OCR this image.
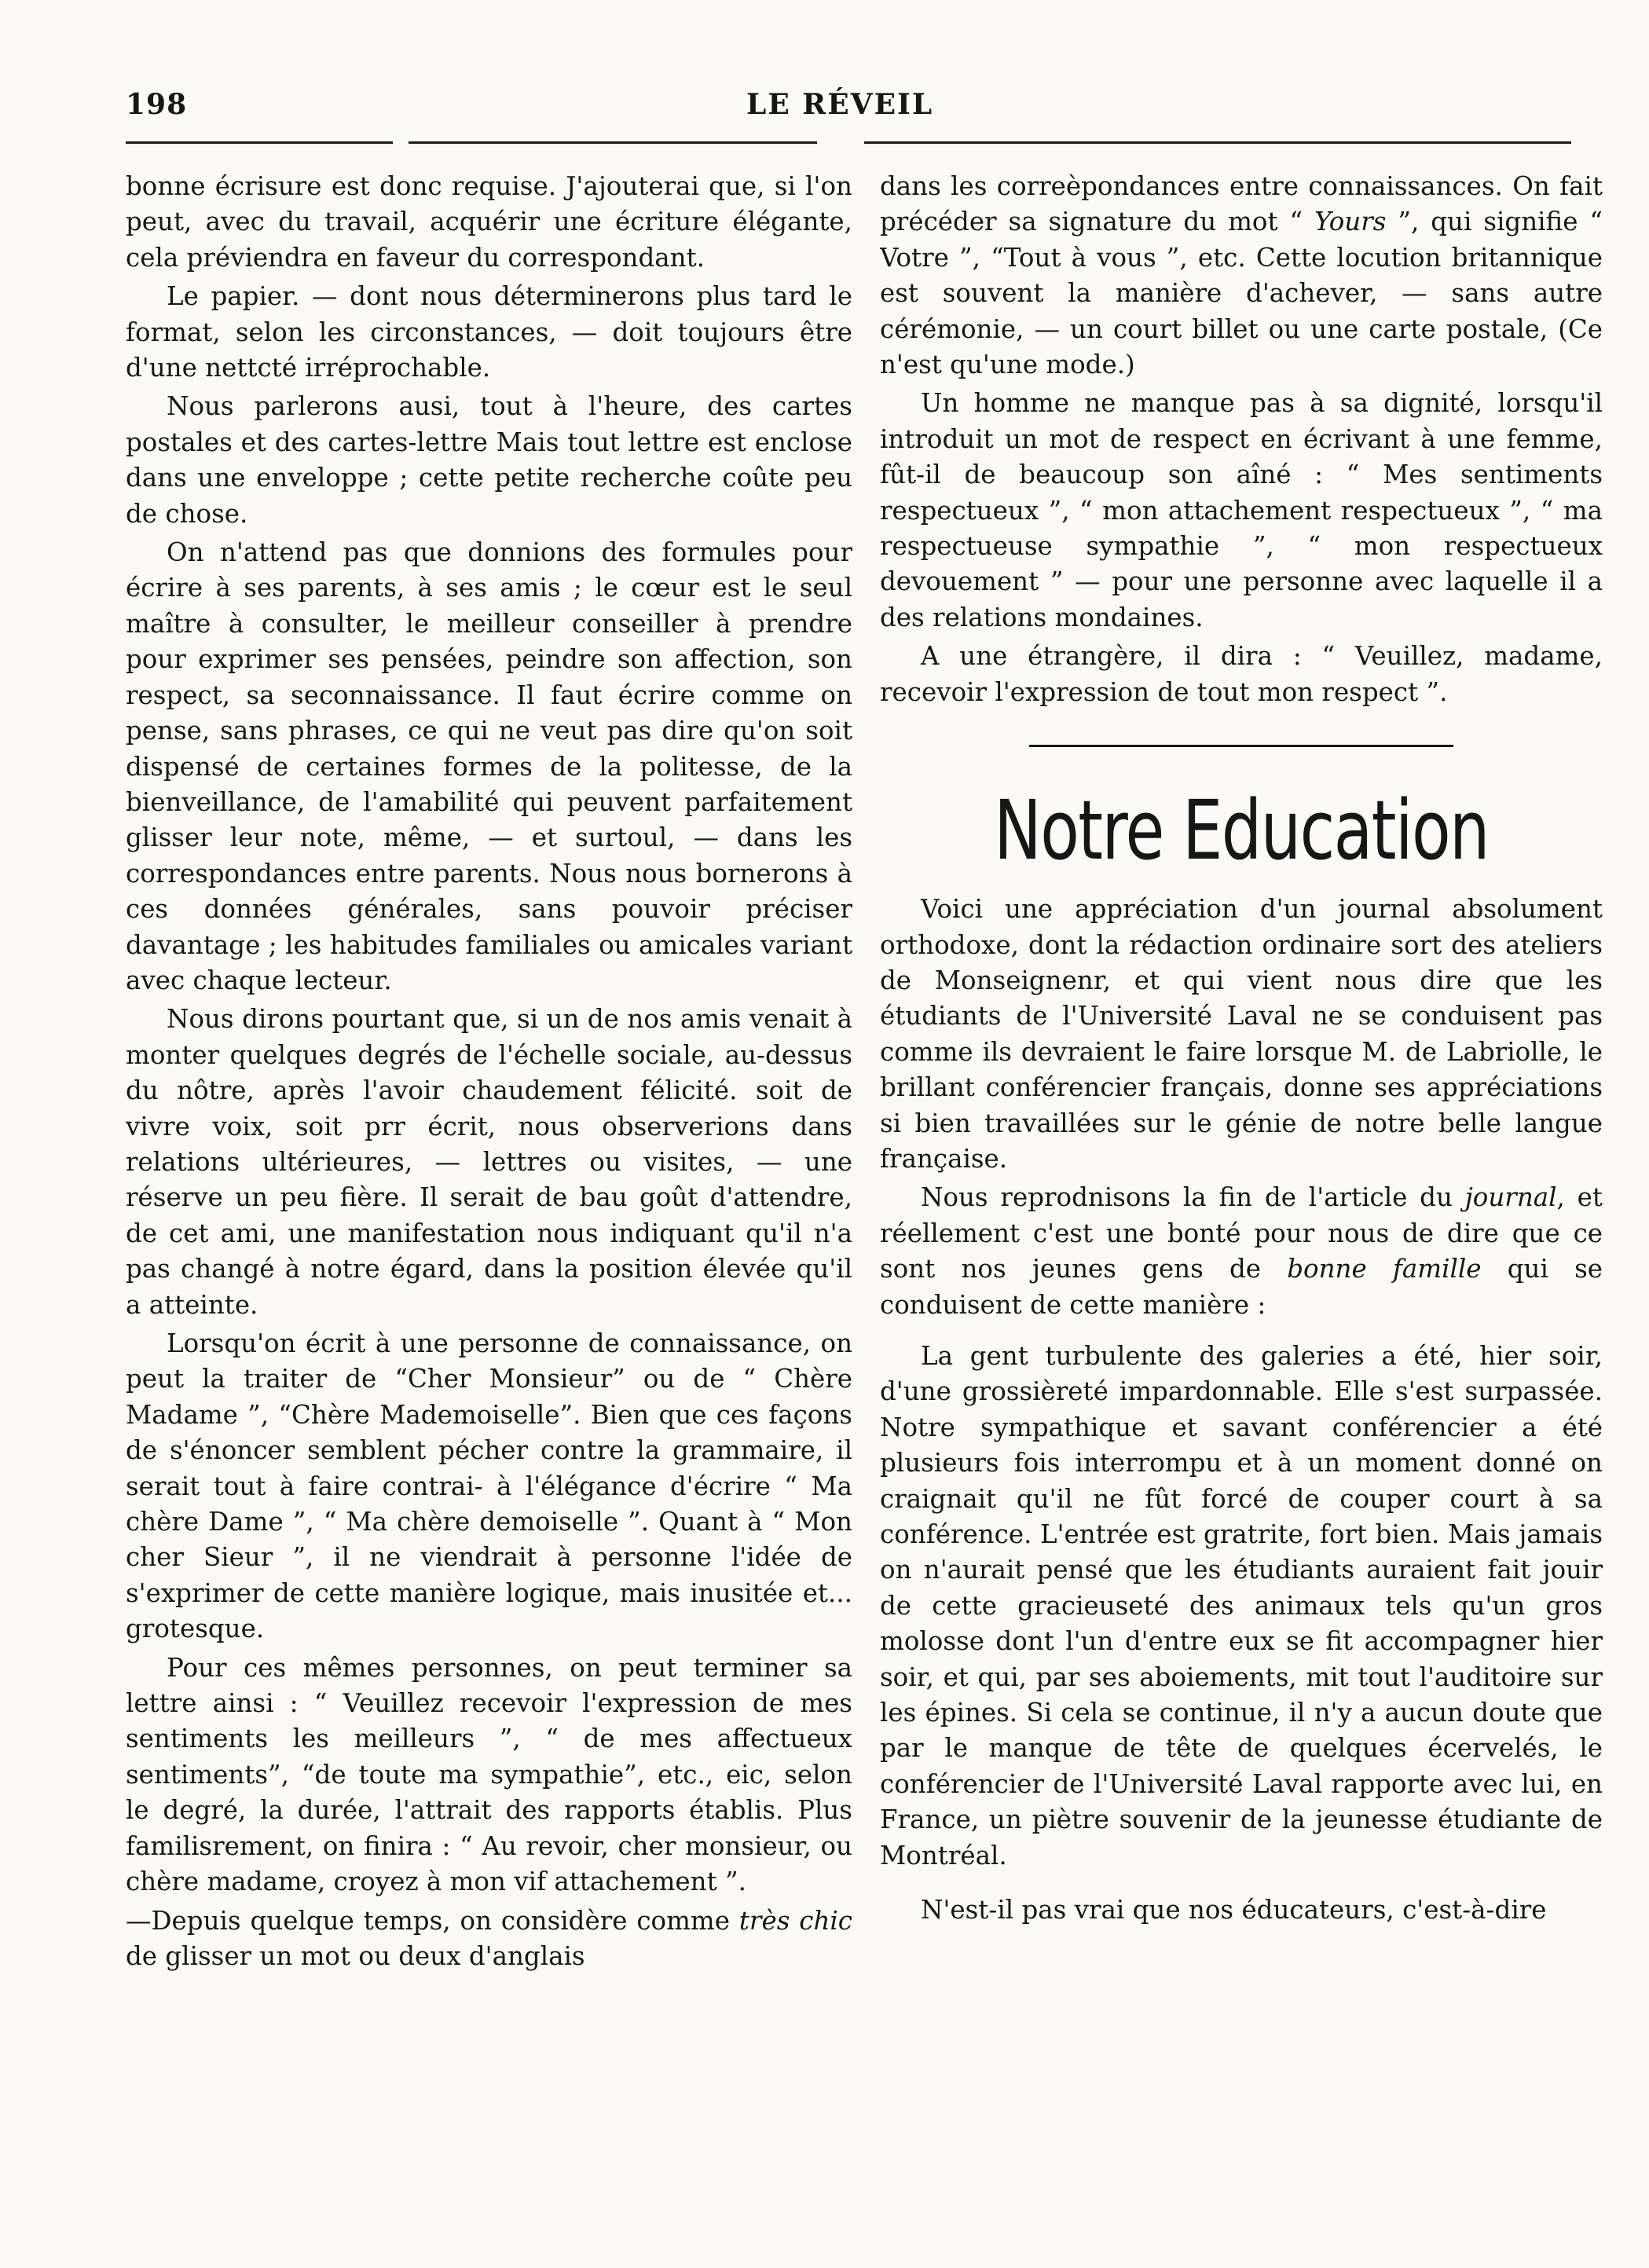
198	LE RÉVEIL

bonne écrisure est donc requise. J'ajouterai que, si l'on peut, avec du travail, acquérir une écriture élégante, cela préviendra en faveur du correspondant.

Le papier. — dont nous déterminerons plus tard le format, selon les circonstances, — doit toujours être d'une nettcté irréprochable.

Nous parlerons ausi, tout à l'heure, des cartes postales et des cartes-lettre Mais tout lettre est enclose dans une enveloppe ; cette petite recherche coûte peu de chose.

On n'attend pas que donnions des formules pour écrire à ses parents, à ses amis ; le cœur est le seul maître à consulter, le meilleur conseiller à prendre pour exprimer ses pensées, peindre son affection, son respect, sa seconnaissance. Il faut écrire comme on pense, sans phrases, ce qui ne veut pas dire qu'on soit dispensé de certaines formes de la politesse, de la bienveillance, de l'amabilité qui peuvent parfaitement glisser leur note, même, — et surtoul, — dans les correspondances entre parents. Nous nous bornerons à ces données générales, sans pouvoir préciser davantage ; les habitudes familiales ou amicales variant avec chaque lecteur.

Nous dirons pourtant que, si un de nos amis venait à monter quelques degrés de l'échelle sociale, au-dessus du nôtre, après l'avoir chaudement félicité. soit de vivre voix, soit prr écrit, nous observerions dans relations ultérieures, — lettres ou visites, — une réserve un peu fière. Il serait de bau goût d'attendre, de cet ami, une manifestation nous indiquant qu'il n'a pas changé à notre égard, dans la position élevée qu'il a atteinte.

Lorsqu'on écrit à une personne de connaissance, on peut la traiter de “Cher Monsieur” ou de “ Chère Madame ”, “Chère Mademoiselle”. Bien que ces façons de s'énoncer semblent pécher contre la grammaire, il serait tout à faire contrai- à l'élégance d'écrire “ Ma chère Dame ”, “ Ma chère demoiselle ”. Quant à “ Mon cher Sieur ”, il ne viendrait à personne l'idée de s'exprimer de cette manière logique, mais inusitée et... grotesque.

Pour ces mêmes personnes, on peut terminer sa lettre ainsi : “ Veuillez recevoir l'expression de mes sentiments les meilleurs ”, “ de mes affectueux sentiments”, “de toute ma sympathie”, etc., eic, selon le degré, la durée, l'attrait des rapports établis. Plus familisrement, on finira : “ Au revoir, cher monsieur, ou chère madame, croyez à mon vif attachement ”.

—Depuis quelque temps, on considère comme très chic de glisser un mot ou deux d'anglais

dans les correèpondances entre connaissances. On fait précéder sa signature du mot “ Yours ”, qui signifie “ Votre ”, “Tout à vous ”, etc. Cette locution britannique est souvent la manière d'achever, — sans autre cérémonie, — un court billet ou une carte postale, (Ce n'est qu'une mode.)

Un homme ne manque pas à sa dignité, lorsqu'il introduit un mot de respect en écrivant à une femme, fût-il de beaucoup son aîné : “ Mes sentiments respectueux ”, “ mon attachement respectueux ”, “ ma respectueuse sympathie ”, “ mon respectueux devouement ” — pour une personne avec laquelle il a des relations mondaines.

A une étrangère, il dira : “ Veuillez, madame, recevoir l'expression de tout mon respect ”.

Notre Education

Voici une appréciation d'un journal absolument orthodoxe, dont la rédaction ordinaire sort des ateliers de Monseignenr, et qui vient nous dire que les étudiants de l'Université Laval ne se conduisent pas comme ils devraient le faire lorsque M. de Labriolle, le brillant conférencier français, donne ses appréciations si bien travaillées sur le génie de notre belle langue française.

Nous reprodnisons la fin de l'article du journal, et réellement c'est une bonté pour nous de dire que ce sont nos jeunes gens de bonne famille qui se conduisent de cette manière :

La gent turbulente des galeries a été, hier soir, d'une grossièreté impardonnable. Elle s'est surpassée. Notre sympathique et savant conférencier a été plusieurs fois interrompu et à un moment donné on craignait qu'il ne fût forcé de couper court à sa conférence. L'entrée est gratrite, fort bien. Mais jamais on n'aurait pensé que les étudiants auraient fait jouir de cette gracieuseté des animaux tels qu'un gros molosse dont l'un d'entre eux se fit accompagner hier soir, et qui, par ses aboiements, mit tout l'auditoire sur les épines. Si cela se continue, il n'y a aucun doute que par le manque de tête de quelques écervelés, le conférencier de l'Université Laval rapporte avec lui, en France, un piètre souvenir de la jeunesse étudiante de Montréal.

N'est-il pas vrai que nos éducateurs, c'est-à-dire
